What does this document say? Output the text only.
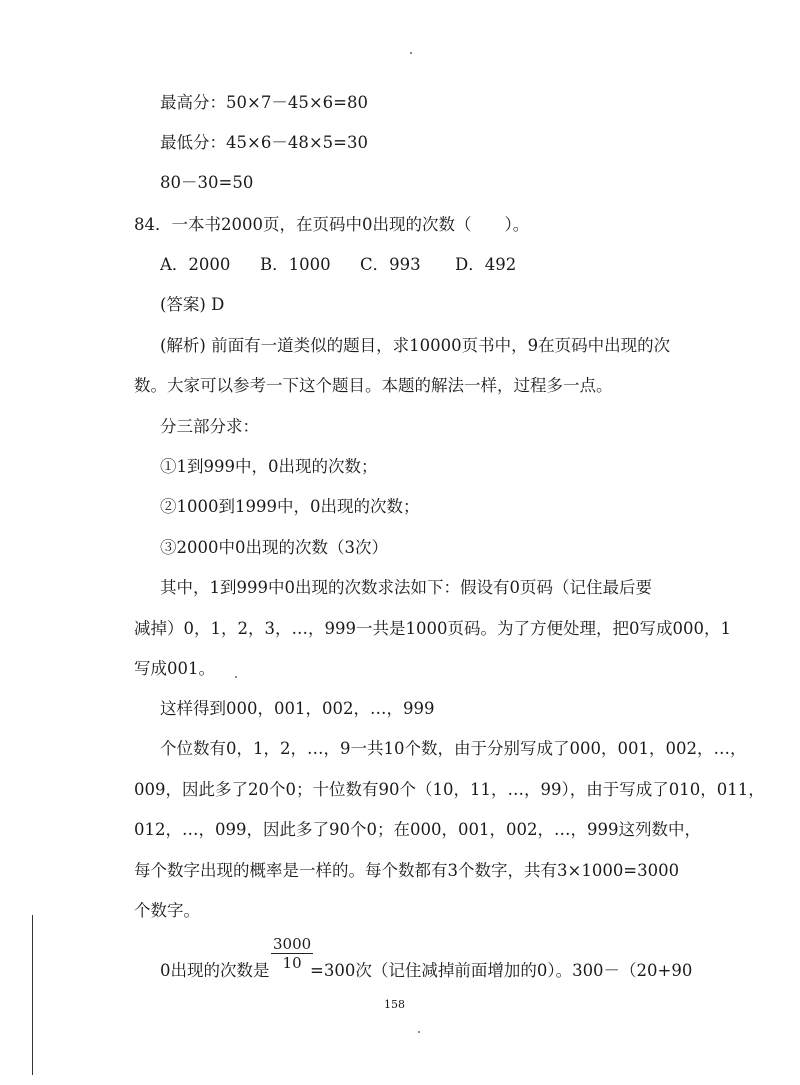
最高分：50×7－45×6=80
最低分：45×6－48×5=30
80－30=50
84．一本书2000页，在页码中0出现的次数（　　）。
A．2000 B．1000 C．993 D．492
(答案) D
(解析) 前面有一道类似的题目，求10000页书中，9在页码中出现的次
数。大家可以参考一下这个题目。本题的解法一样，过程多一点。
分三部分求：
①1到999中，0出现的次数；
②1000到1999中，0出现的次数；
③2000中0出现的次数（3次）
其中，1到999中0出现的次数求法如下：假设有0页码（记住最后要
减掉）0，1，2，3，…，999一共是1000页码。为了方便处理，把0写成000，1
写成001。
这样得到000，001，002，…，999
个位数有0，1，2，…，9一共10个数，由于分别写成了000，001，002，…，
009，因此多了20个0；十位数有90个（10，11，…，99），由于写成了010，011，
012，…，099，因此多了90个0；在000，001，002，…，999这列数中，
每个数字出现的概率是一样的。每个数都有3个数字，共有3×1000=3000
个数字。
0出现的次数是
3000
10 =300次（记住减掉前面增加的0）。300－（20+90
158
